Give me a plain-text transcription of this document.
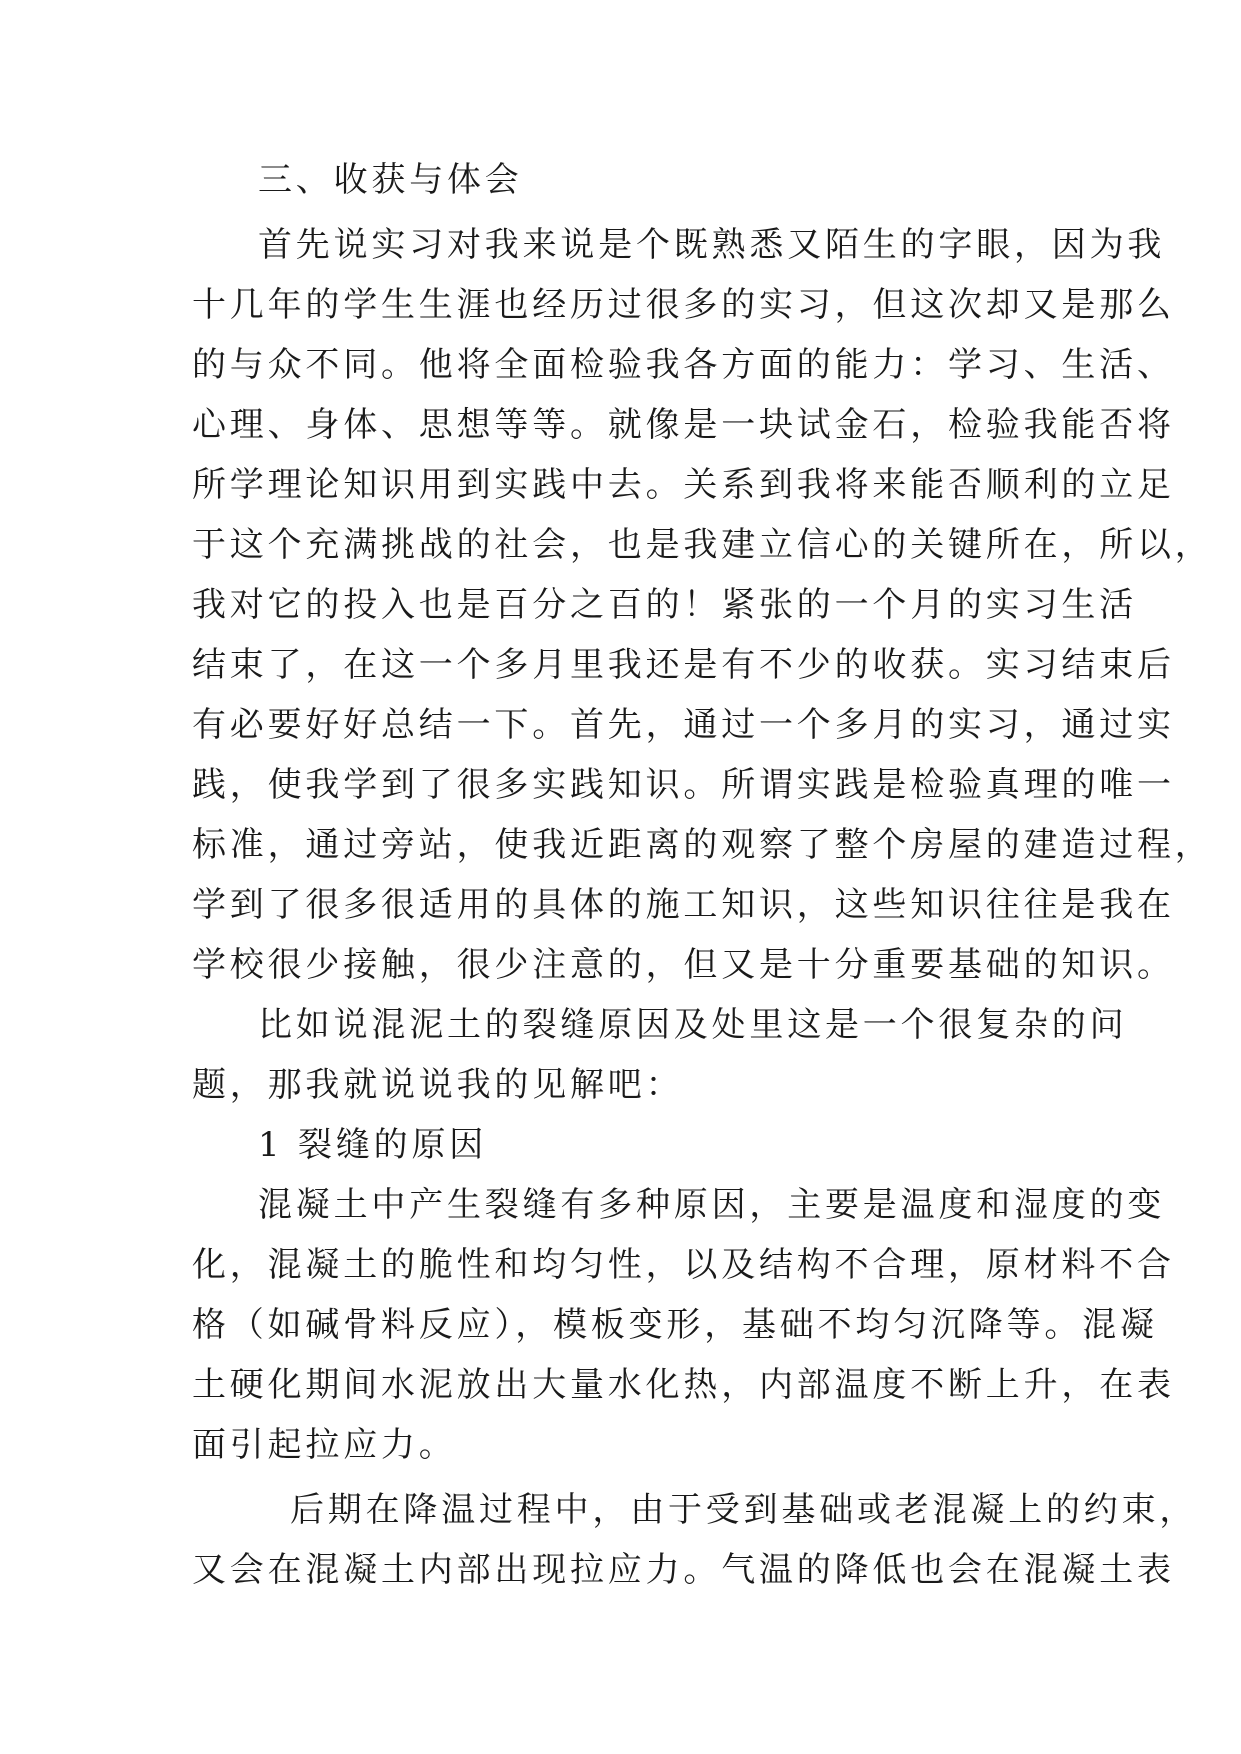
三、收获与体会
首先说实习对我来说是个既熟悉又陌生的字眼，因为我
十几年的学生生涯也经历过很多的实习，但这次却又是那么
的与众不同。他将全面检验我各方面的能力：学习、生活、
心理、身体、思想等等。就像是一块试金石，检验我能否将
所学理论知识用到实践中去。关系到我将来能否顺利的立足
于这个充满挑战的社会，也是我建立信心的关键所在，所以，
我对它的投入也是百分之百的！紧张的一个月的实习生活
结束了，在这一个多月里我还是有不少的收获。实习结束后
有必要好好总结一下。首先，通过一个多月的实习，通过实
践，使我学到了很多实践知识。所谓实践是检验真理的唯一
标准，通过旁站，使我近距离的观察了整个房屋的建造过程，
学到了很多很适用的具体的施工知识，这些知识往往是我在
学校很少接触，很少注意的，但又是十分重要基础的知识。
比如说混泥土的裂缝原因及处里这是一个很复杂的问
题，那我就说说我的见解吧：
1 裂缝的原因
混凝土中产生裂缝有多种原因，主要是温度和湿度的变
化，混凝土的脆性和均匀性，以及结构不合理，原材料不合
格（如碱骨料反应），模板变形，基础不均匀沉降等。混凝
土硬化期间水泥放出大量水化热，内部温度不断上升，在表
面引起拉应力。
后期在降温过程中，由于受到基础或老混凝上的约束，
又会在混凝土内部出现拉应力。气温的降低也会在混凝土表
